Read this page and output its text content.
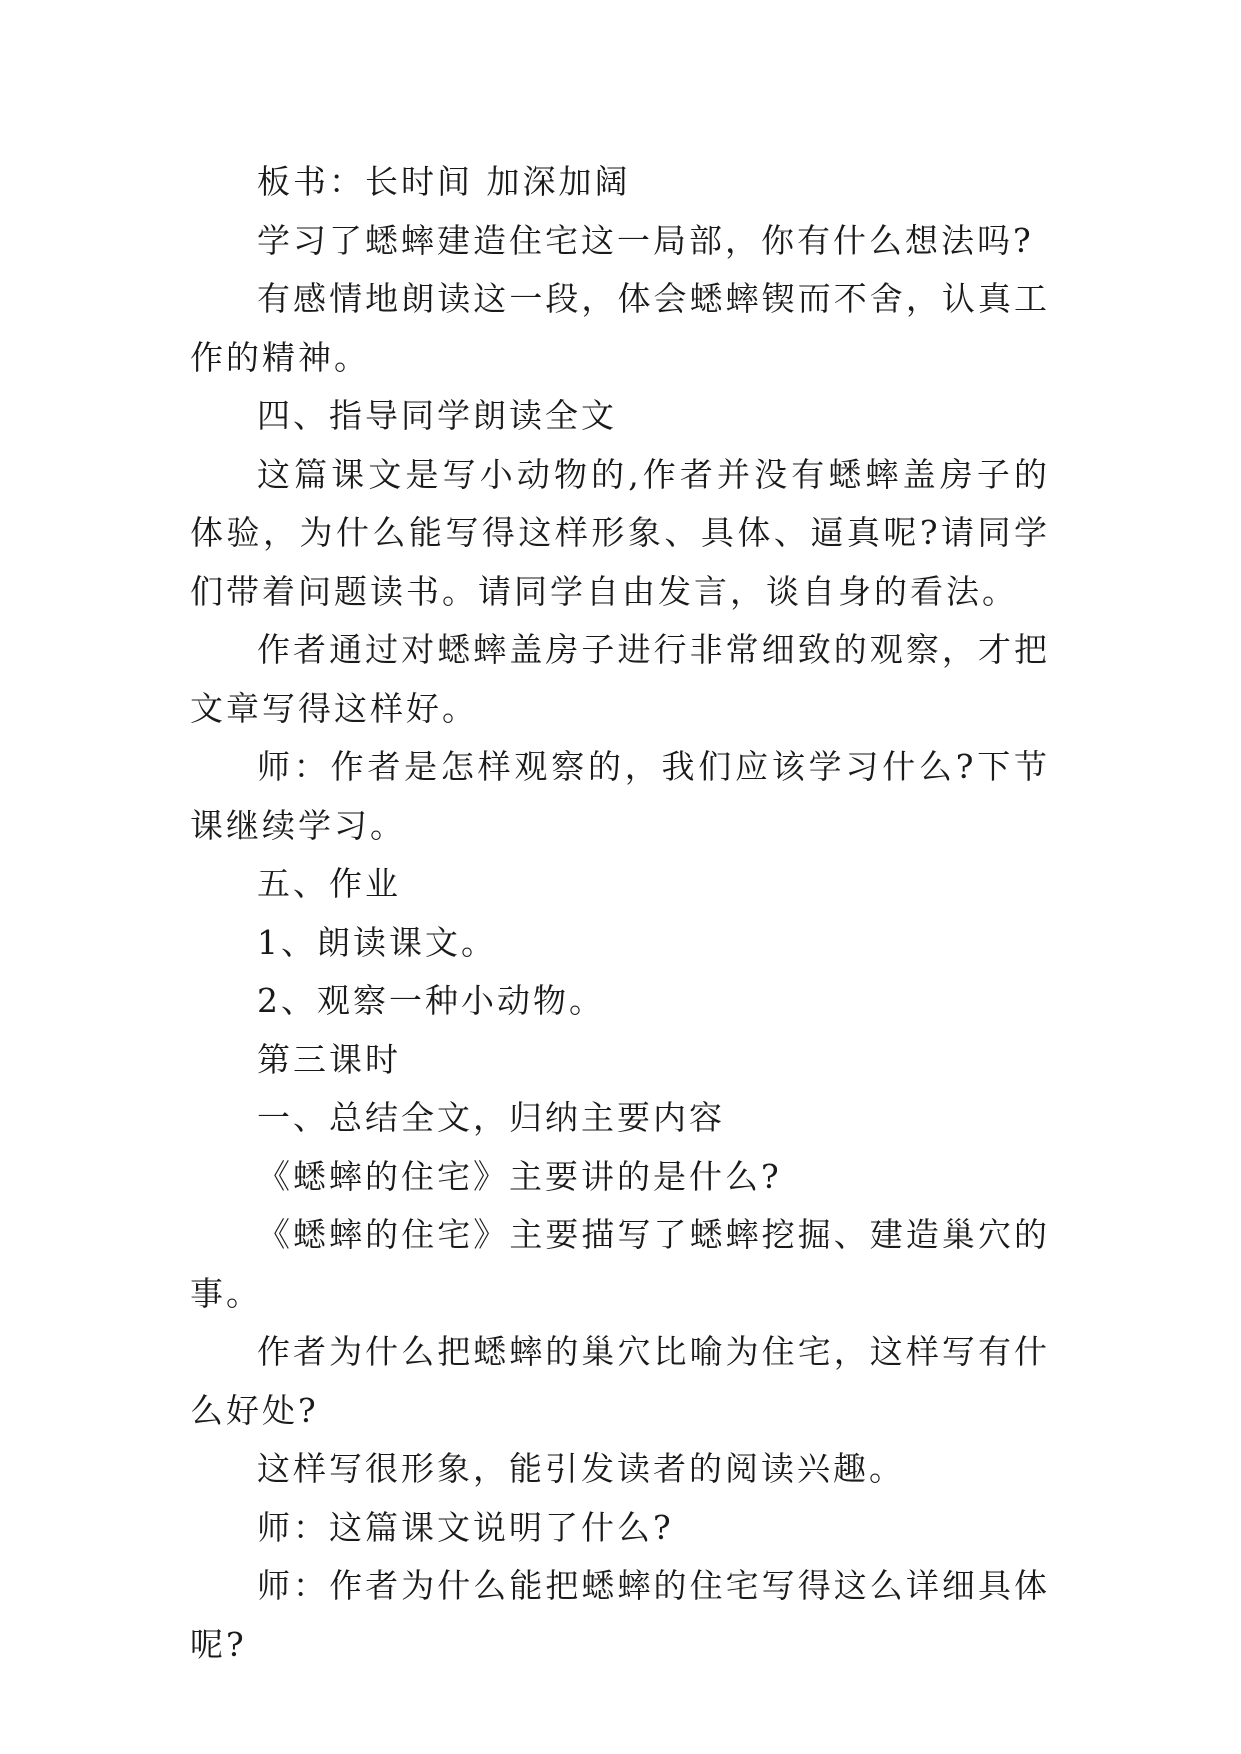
板书：长时间 加深加阔

学习了蟋蟀建造住宅这一局部，你有什么想法吗?

有感情地朗读这一段，体会蟋蟀锲而不舍，认真工作的精神。

四、指导同学朗读全文

这篇课文是写小动物的,作者并没有蟋蟀盖房子的体验，为什么能写得这样形象、具体、逼真呢?请同学们带着问题读书。请同学自由发言，谈自身的看法。

作者通过对蟋蟀盖房子进行非常细致的观察，才把文章写得这样好。

师：作者是怎样观察的，我们应该学习什么?下节课继续学习。

五、作业

1、朗读课文。

2、观察一种小动物。

第三课时

一、总结全文，归纳主要内容

《蟋蟀的住宅》主要讲的是什么?

《蟋蟀的住宅》主要描写了蟋蟀挖掘、建造巢穴的事。

作者为什么把蟋蟀的巢穴比喻为住宅，这样写有什么好处?

这样写很形象，能引发读者的阅读兴趣。

师：这篇课文说明了什么?

师：作者为什么能把蟋蟀的住宅写得这么详细具体呢?
